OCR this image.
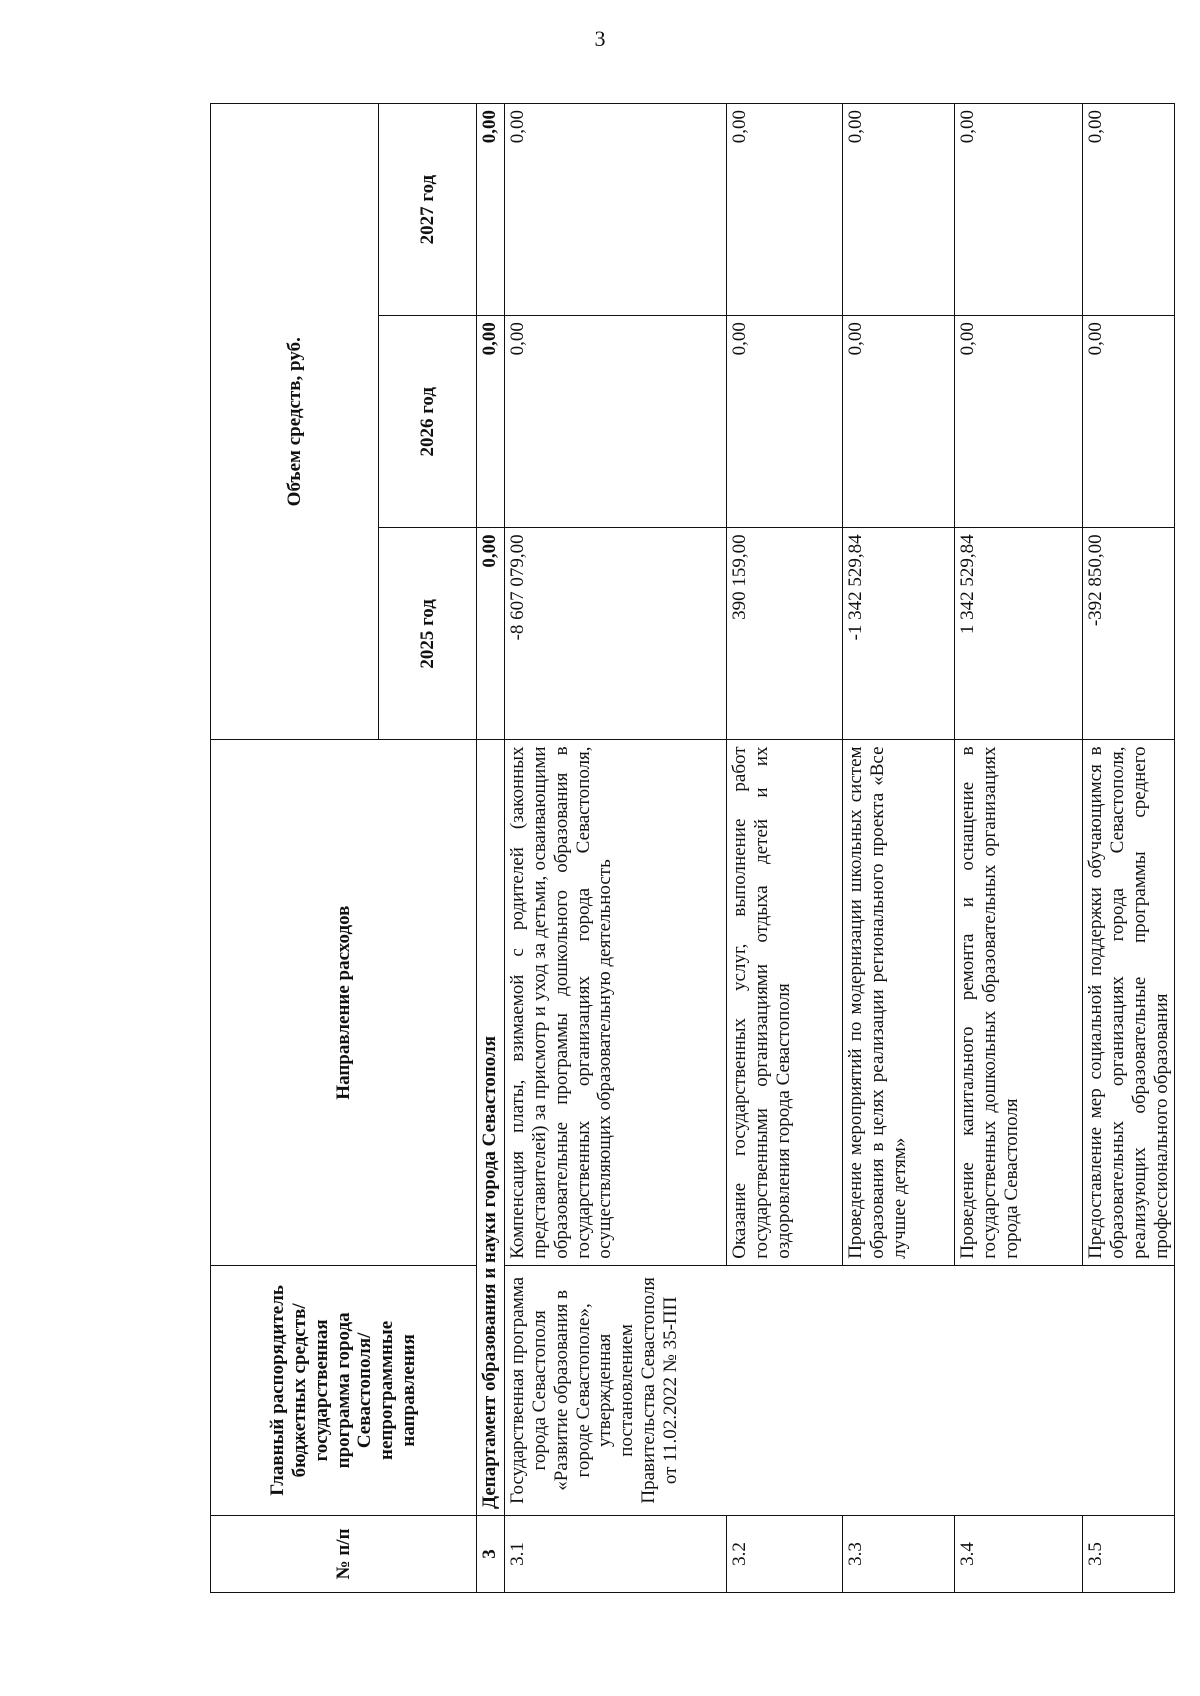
3
№ п/п	Главный распорядитель бюджетных средств/государственная программа города Севастополя/непрограммные направления	Направление расходов	Объем средств, руб.		
			2025 год	2026 год	2027 год
3	Департамент образования и науки города Севастополя		0,00	0,00	0,00
3.1	Государственная программа города Севастополя «Развитие образования в городе Севастополе», утвержденная постановлением Правительства Севастополя от 11.02.2022 № 35-ПП	Компенсация платы, взимаемой с родителей (законных представителей) за присмотр и уход за детьми, осваивающими образовательные программы дошкольного образования в государственных организациях города Севастополя, осуществляющих образовательную деятельность	-8 607 079,00	0,00	0,00
3.2		Оказание государственных услуг, выполнение работ государственными организациями отдыха детей и их оздоровления города Севастополя	390 159,00	0,00	0,00
3.3		Проведение мероприятий по модернизации школьных систем образования в целях реализации регионального проекта «Все лучшее детям»	-1 342 529,84	0,00	0,00
3.4		Проведение капитального ремонта и оснащение в государственных дошкольных образовательных организациях города Севастополя	1 342 529,84	0,00	0,00
3.5		Предоставление мер социальной поддержки обучающимся в образовательных организациях города Севастополя, реализующих образовательные программы среднего профессионального образования	-392 850,00	0,00	0,00
